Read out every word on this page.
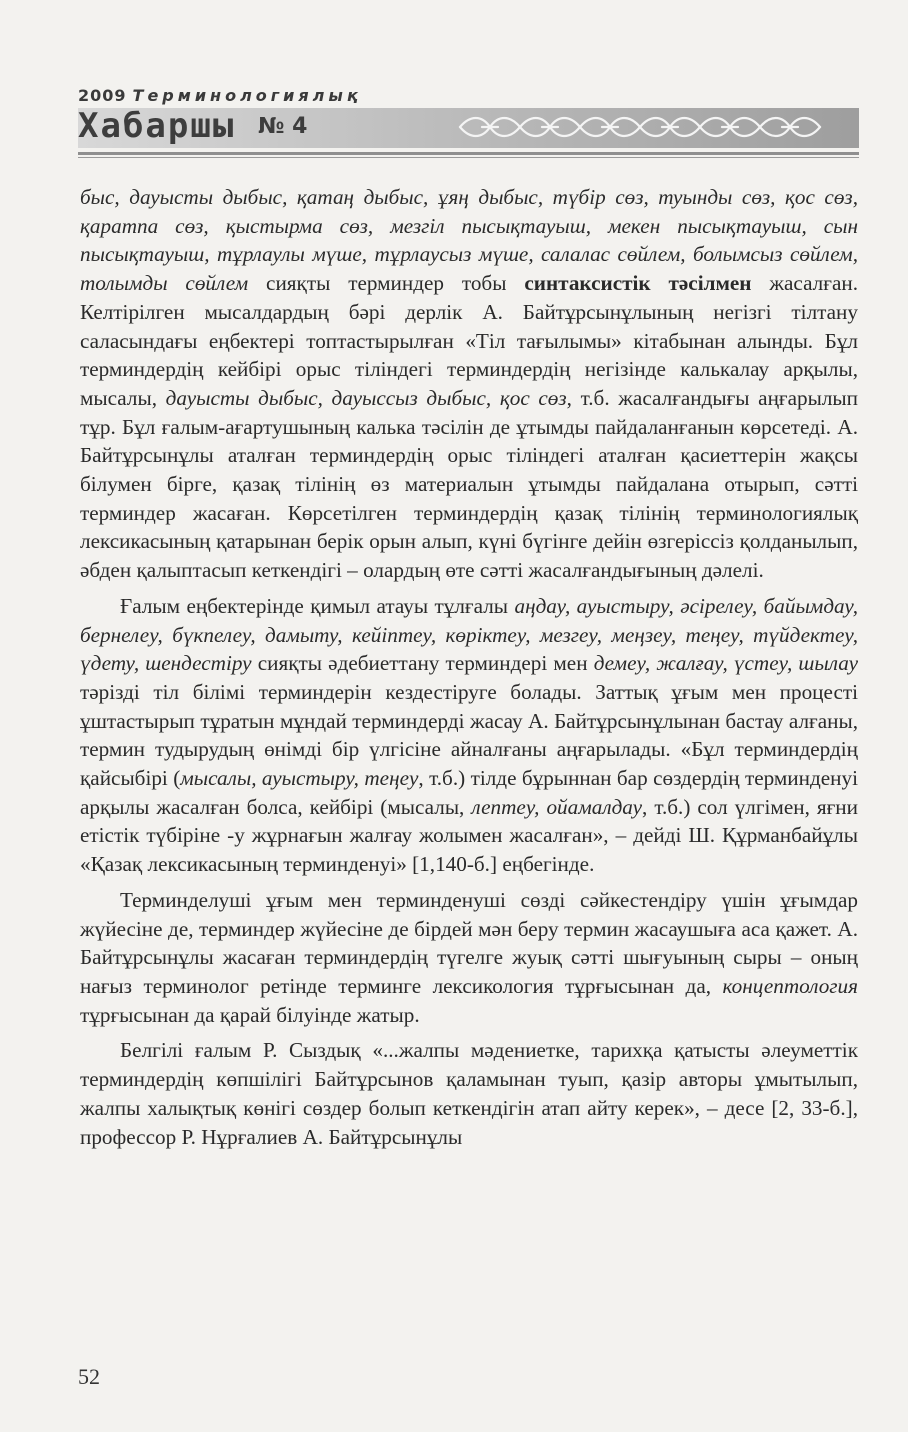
2009 Терминологиялық
Хабаршы № 4

быс, дауысты дыбыс, қатаң дыбыс, ұяң дыбыс, түбір сөз, туынды сөз, қос сөз, қаратпа сөз, қыстырма сөз, мезгіл пысықтауыш, мекен пысықтауыш, сын пысықтауыш, тұрлаулы мүше, тұрлаусыз мүше, салалас сөйлем, болымсыз сөйлем, толымды сөйлем сияқты терминдер тобы синтаксистік тәсілмен жасалған. Келтірілген мысалдардың бәрі дерлік А. Байтұрсынұлының негізгі тілтану саласындағы еңбектері топтастырылған «Тіл тағылымы» кітабынан алынды. Бұл терминдердің кейбірі орыс тіліндегі терминдердің негізінде калькалау арқылы, мысалы, дауысты дыбыс, дауыссыз дыбыс, қос сөз, т.б. жасалғандығы аңғарылып тұр. Бұл ғалым-ағартушының калька тәсілін де ұтымды пайдаланғанын көрсетеді. А. Байтұрсынұлы аталған терминдердің орыс тіліндегі аталған қасиеттерін жақсы білумен бірге, қазақ тілінің өз материалын ұтымды пайдалана отырып, сәтті терминдер жасаған. Көрсетілген терминдердің қазақ тілінің терминологиялық лексикасының қатарынан берік орын алып, күні бүгінге дейін өзгеріссіз қолданылып, әбден қалыптасып кеткендігі – олардың өте сәтті жасалғандығының дәлелі.

Ғалым еңбектерінде қимыл атауы тұлғалы аңдау, ауыстыру, әсірелеу, байымдау, бернелеу, бүкпелеу, дамыту, кейіптеу, көріктеу, мезгеу, меңзеу, теңеу, түйдектеу, үдету, шендестіру сияқты әдебиеттану терминдері мен демеу, жалғау, үстеу, шылау тәрізді тіл білімі терминдерін кездестіруге болады. Заттық ұғым мен процесті ұштастырып тұратын мұндай терминдерді жасау А. Байтұрсынұлынан бастау алғаны, термин тудырудың өнімді бір үлгісіне айналғаны аңғарылады. «Бұл терминдердің қайсыбірі (мысалы, ауыстыру, теңеу, т.б.) тілде бұрыннан бар сөздердің терминденуі арқылы жасалған болса, кейбірі (мысалы, лептеу, ойамалдау, т.б.) сол үлгімен, яғни етістік түбіріне -у жұрнағын жалғау жолымен жасалған», – дейді Ш. Құрманбайұлы «Қазақ лексикасының терминденуі» [1,140-б.] еңбегінде.

Терминделуші ұғым мен терминденуші сөзді сәйкестендіру үшін ұғымдар жүйесіне де, терминдер жүйесіне де бірдей мән беру термин жасаушыға аса қажет. А. Байтұрсынұлы жасаған терминдердің түгелге жуық сәтті шығуының сыры – оның нағыз терминолог ретінде терминге лексикология тұрғысынан да, концептология тұрғысынан да қарай білуінде жатыр.

Белгілі ғалым Р. Сыздық «...жалпы мәдениетке, тарихқа қатысты әлеуметтік терминдердің көпшілігі Байтұрсынов қаламынан туып, қазір авторы ұмытылып, жалпы халықтық көнігі сөздер болып кеткендігін атап айту керек», – десе [2, 33-б.], профессор Р. Нұрғалиев А. Байтұрсынұлы

52
